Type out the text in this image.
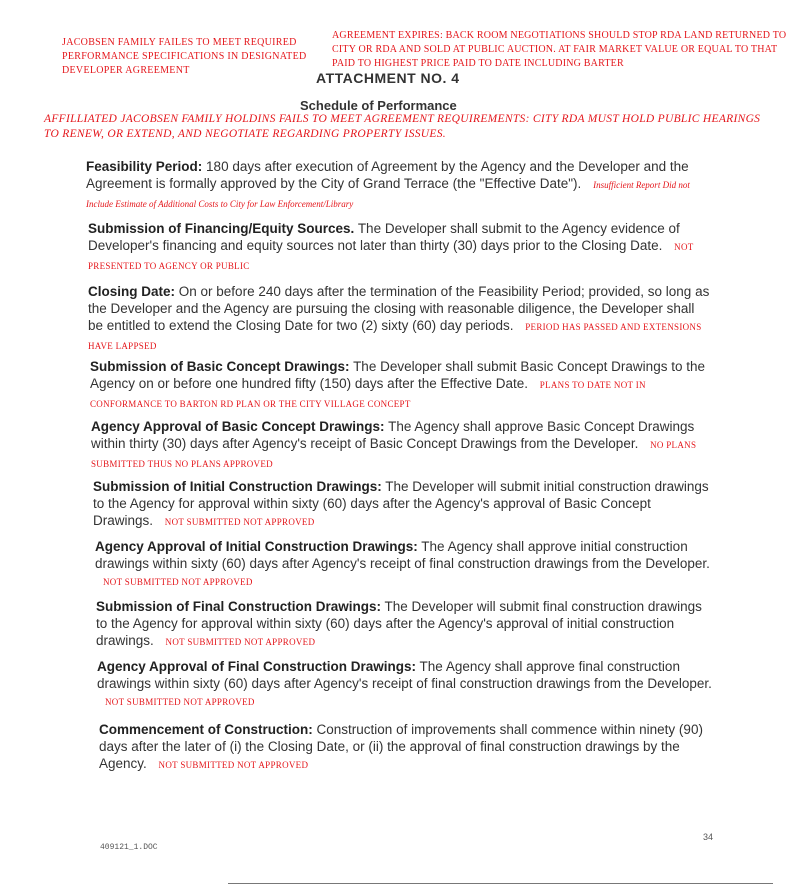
JACOBSEN FAMILY FAILES TO MEET REQUIRED PERFORMANCE SPECIFICATIONS IN DESIGNATED DEVELOPER AGREEMENT
AGREEMENT EXPIRES: BACK ROOM NEGOTIATIONS SHOULD STOP RDA LAND RETURNED TO CITY OR RDA AND SOLD AT PUBLIC AUCTION. AT FAIR MARKET VALUE OR EQUAL TO THAT PAID TO HIGHEST PRICE PAID TO DATE INCLUDING BARTER
ATTACHMENT NO. 4
Schedule of Performance
AFFILLIATED JACOBSEN FAMILY HOLDINS FAILS TO MEET AGREEMENT REQUIREMENTS: CITY RDA MUST HOLD PUBLIC HEARINGS TO RENEW, OR EXTEND, AND NEGOTIATE REGARDING PROPERTY ISSUES.
Feasibility Period: 180 days after execution of Agreement by the Agency and the Developer and the Agreement is formally approved by the City of Grand Terrace (the "Effective Date"). Insufficient Report Did not Include Estimate of Additional Costs to City for Law Enforcement/Library
Submission of Financing/Equity Sources. The Developer shall submit to the Agency evidence of Developer's financing and equity sources not later than thirty (30) days prior to the Closing Date. NOT PRESENTED TO AGENCY OR PUBLIC
Closing Date: On or before 240 days after the termination of the Feasibility Period; provided, so long as the Developer and the Agency are pursuing the closing with reasonable diligence, the Developer shall be entitled to extend the Closing Date for two (2) sixty (60) day periods. PERIOD HAS PASSED AND EXTENSIONS HAVE LAPPSED
Submission of Basic Concept Drawings: The Developer shall submit Basic Concept Drawings to the Agency on or before one hundred fifty (150) days after the Effective Date. PLANS TO DATE NOT IN CONFORMANCE TO BARTON RD PLAN OR THE CITY VILLAGE CONCEPT
Agency Approval of Basic Concept Drawings: The Agency shall approve Basic Concept Drawings within thirty (30) days after Agency's receipt of Basic Concept Drawings from the Developer. NO PLANS SUBMITTED THUS NO PLANS APPROVED
Submission of Initial Construction Drawings: The Developer will submit initial construction drawings to the Agency for approval within sixty (60) days after the Agency's approval of Basic Concept Drawings. NOT SUBMITTED NOT APPROVED
Agency Approval of Initial Construction Drawings: The Agency shall approve initial construction drawings within sixty (60) days after Agency's receipt of final construction drawings from the Developer. NOT SUBMITTED NOT APPROVED
Submission of Final Construction Drawings: The Developer will submit final construction drawings to the Agency for approval within sixty (60) days after the Agency's approval of initial construction drawings. NOT SUBMITTED NOT APPROVED
Agency Approval of Final Construction Drawings: The Agency shall approve final construction drawings within sixty (60) days after Agency's receipt of final construction drawings from the Developer. NOT SUBMITTED NOT APPROVED
Commencement of Construction: Construction of improvements shall commence within ninety (90) days after the later of (i) the Closing Date, or (ii) the approval of final construction drawings by the Agency. NOT SUBMITTED NOT APPROVED
409121_1.DOC
34
